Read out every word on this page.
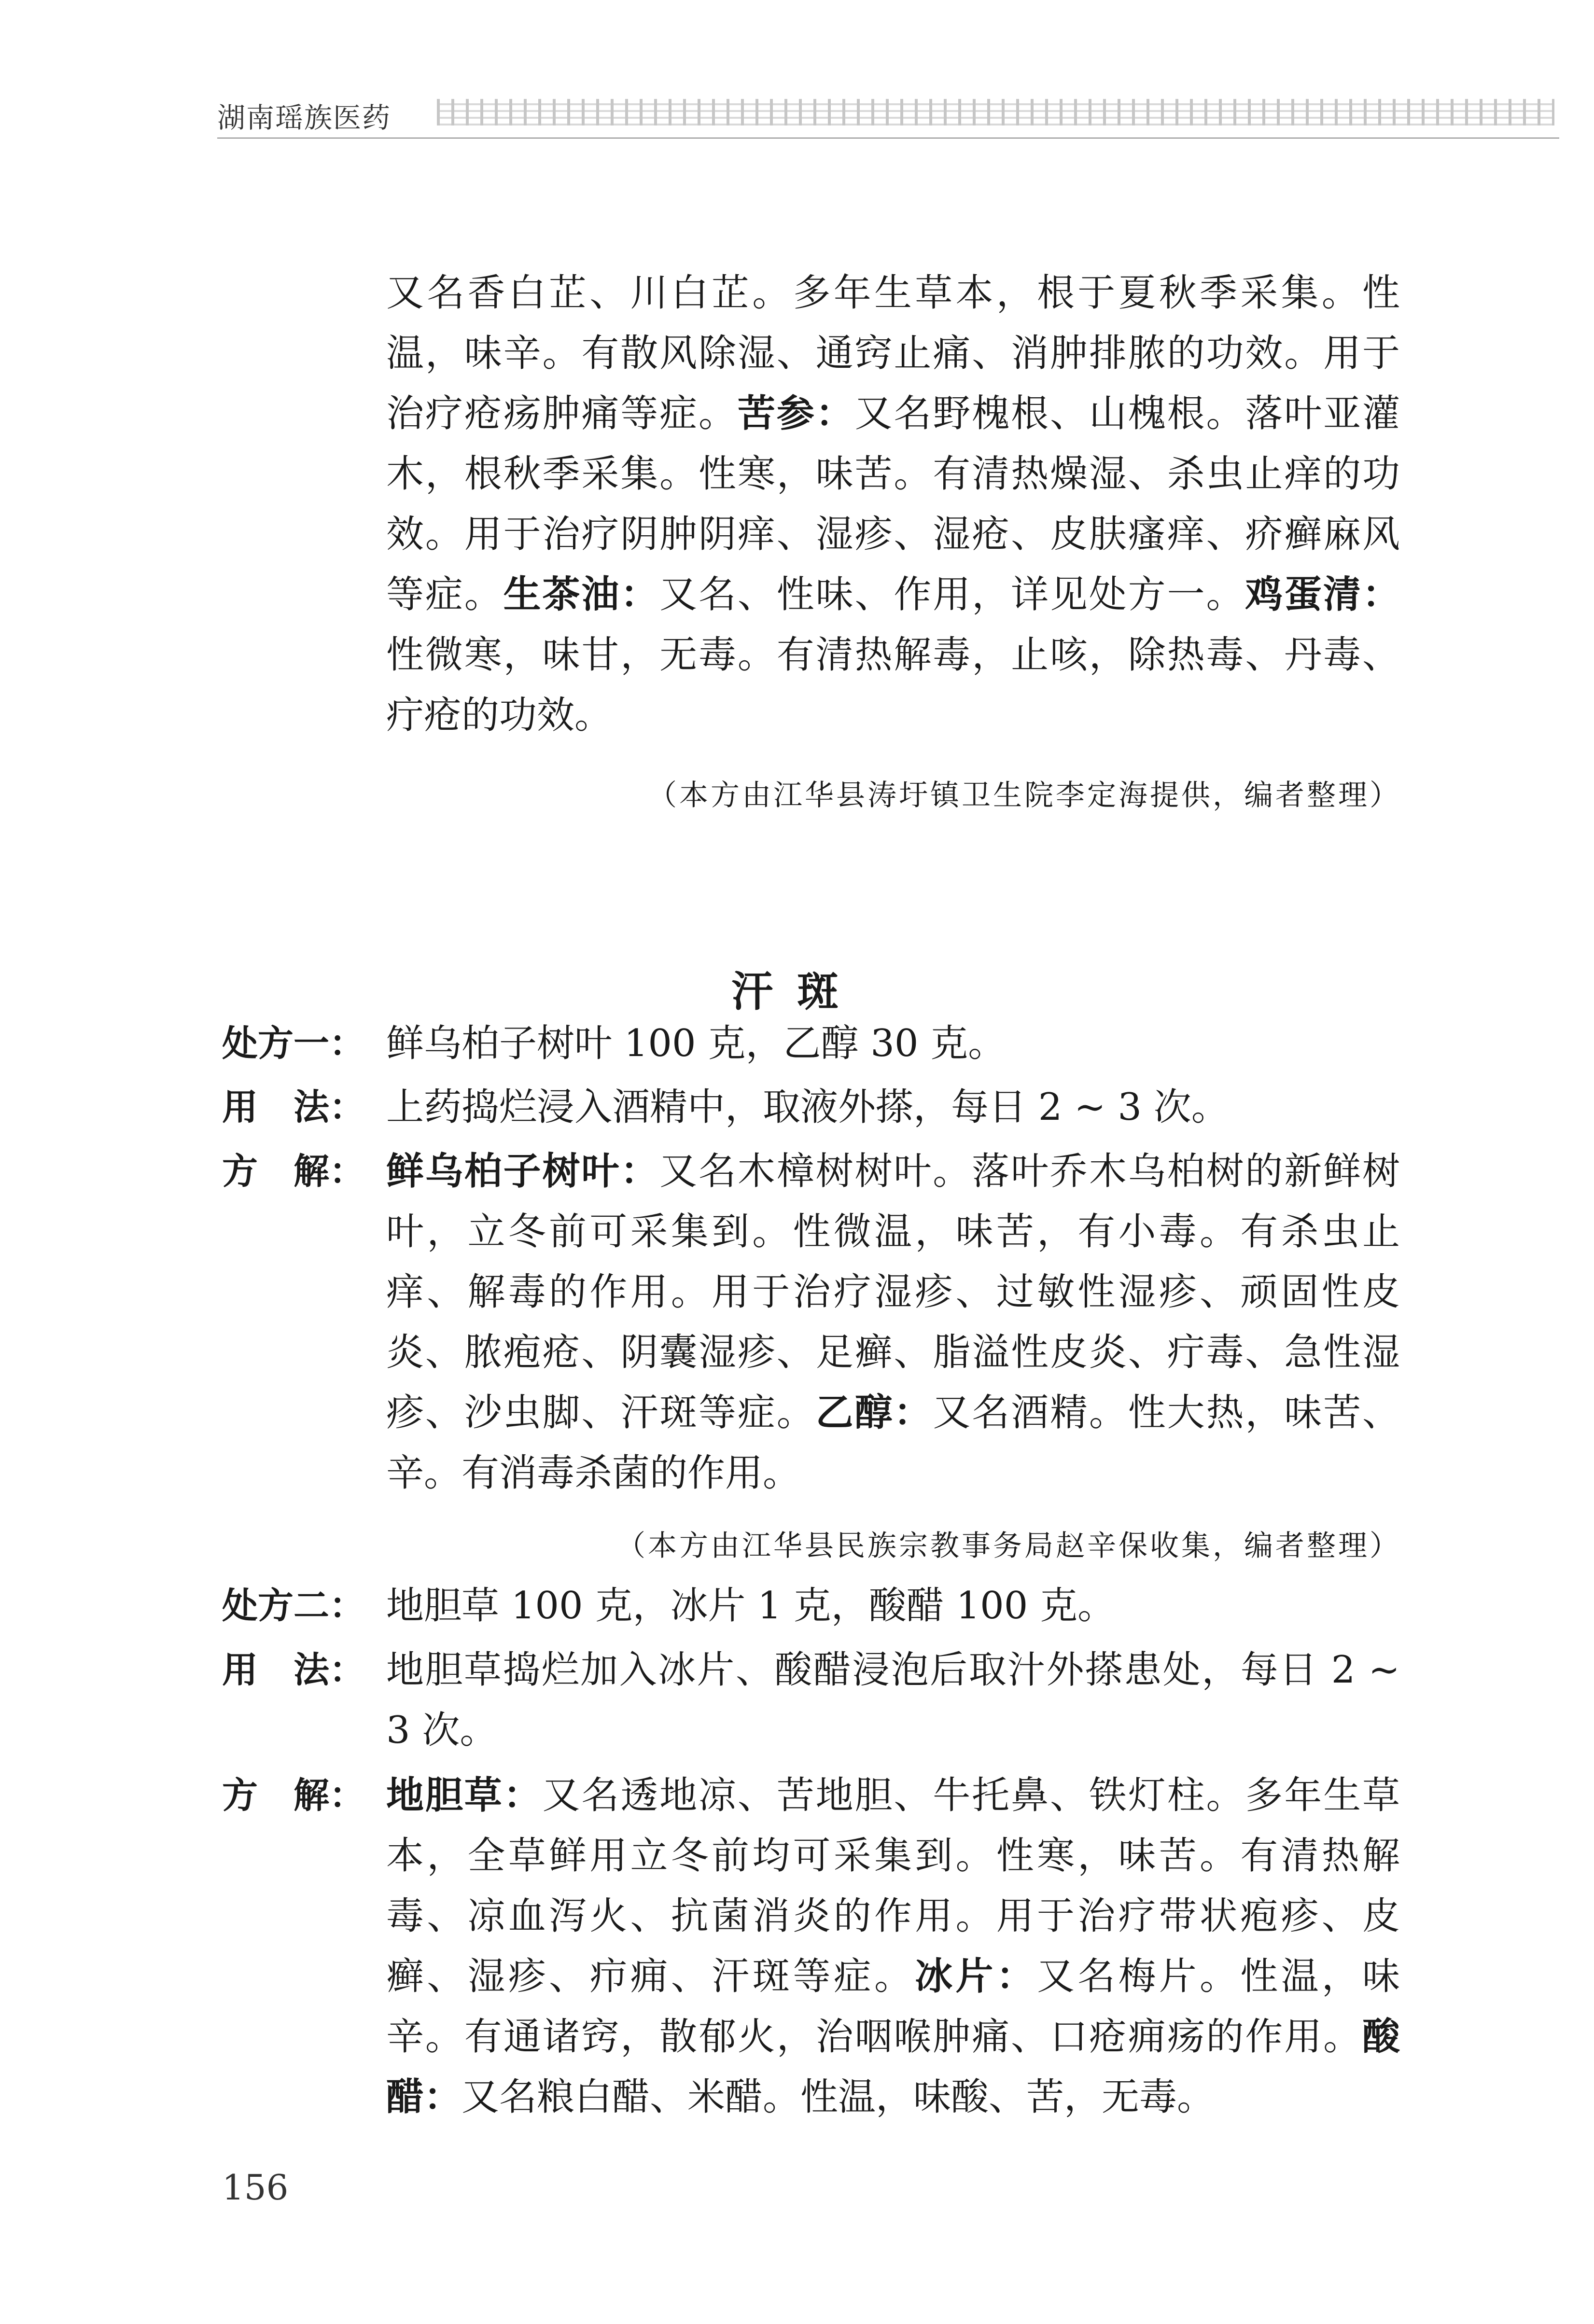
湖南瑶族医药

又名香白芷、川白芷。多年生草本，根于夏秋季采集。性温，味辛。有散风除湿、通窍止痛、消肿排脓的功效。用于治疗疮疡肿痛等症。苦参：又名野槐根、山槐根。落叶亚灌木，根秋季采集。性寒，味苦。有清热燥湿、杀虫止痒的功效。用于治疗阴肿阴痒、湿疹、湿疮、皮肤瘙痒、疥癣麻风等症。生茶油：又名、性味、作用，详见处方一。鸡蛋清：性微寒，味甘，无毒。有清热解毒，止咳，除热毒、丹毒、疔疮的功效。

（本方由江华县涛圩镇卫生院李定海提供，编者整理）
汗斑
处方一： 鲜乌柏子树叶 100 克，乙醇 30 克。
用　法： 上药捣烂浸入酒精中，取液外搽，每日 2 ~ 3 次。
方　解： 鲜乌柏子树叶：又名木樟树树叶。落叶乔木乌柏树的新鲜树叶，立冬前可采集到。性微温，味苦，有小毒。有杀虫止痒、解毒的作用。用于治疗湿疹、过敏性湿疹、顽固性皮炎、脓疱疮、阴囊湿疹、足癣、脂溢性皮炎、疔毒、急性湿疹、沙虫脚、汗斑等症。乙醇：又名酒精。性大热，味苦、辛。有消毒杀菌的作用。
（本方由江华县民族宗教事务局赵辛保收集，编者整理）
处方二： 地胆草 100 克，冰片 1 克，酸醋 100 克。
用　法： 地胆草捣烂加入冰片、酸醋浸泡后取汁外搽患处，每日 2 ~ 3 次。
方　解： 地胆草：又名透地凉、苦地胆、牛托鼻、铁灯柱。多年生草本，全草鲜用立冬前均可采集到。性寒，味苦。有清热解毒、凉血泻火、抗菌消炎的作用。用于治疗带状疱疹、皮癣、湿疹、疖痈、汗斑等症。冰片：又名梅片。性温，味辛。有通诸窍，散郁火，治咽喉肿痛、口疮痈疡的作用。酸醋：又名粮白醋、米醋。性温，味酸、苦，无毒。
156
